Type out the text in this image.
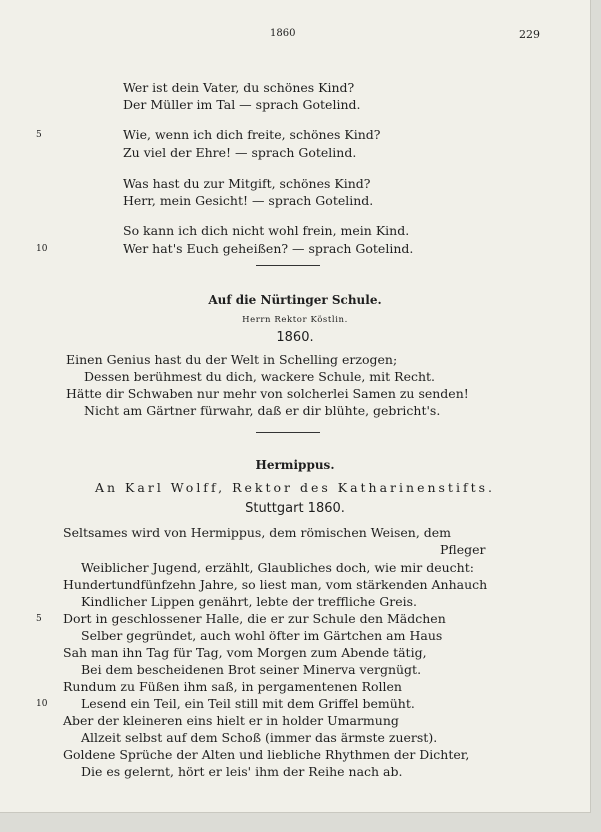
1860	229
Wer ist dein Vater, du schönes Kind?
Der Müller im Tal — sprach Gotelind.
5	Wie, wenn ich dich freite, schönes Kind?
Zu viel der Ehre! — sprach Gotelind.
Was hast du zur Mitgift, schönes Kind?
Herr, mein Gesicht! — sprach Gotelind.
So kann ich dich nicht wohl frein, mein Kind.
10	Wer hat's Euch geheißen? — sprach Gotelind.
Auf die Nürtinger Schule.
Herrn Rektor Köstlin.
1860.
Einen Genius hast du der Welt in Schelling erzogen;
Dessen berühmest du dich, wackere Schule, mit Recht.
Hätte dir Schwaben nur mehr von solcherlei Samen zu senden!
Nicht am Gärtner fürwahr, daß er dir blühte, gebricht's.
Hermippus.
An Karl Wolff, Rektor des Katharinenstifts.
Stuttgart 1860.
Seltsames wird von Hermippus, dem römischen Weisen, dem
Pfleger
Weiblicher Jugend, erzählt, Glaubliches doch, wie mir deucht:
Hundertundfünfzehn Jahre, so liest man, vom stärkenden Anhauch
Kindlicher Lippen genährt, lebte der treffliche Greis.
5 Dort in geschlossener Halle, die er zur Schule den Mädchen
Selber gegründet, auch wohl öfter im Gärtchen am Haus
Sah man ihn Tag für Tag, vom Morgen zum Abende tätig,
Bei dem bescheidenen Brot seiner Minerva vergnügt.
Rundum zu Füßen ihm saß, in pergamentenen Rollen
10	Lesend ein Teil, ein Teil still mit dem Griffel bemüht.
Aber der kleineren eins hielt er in holder Umarmung
Allzeit selbst auf dem Schoß (immer das ärmste zuerst).
Goldene Sprüche der Alten und liebliche Rhythmen der Dichter,
Die es gelernt, hört er leis' ihm der Reihe nach ab.
